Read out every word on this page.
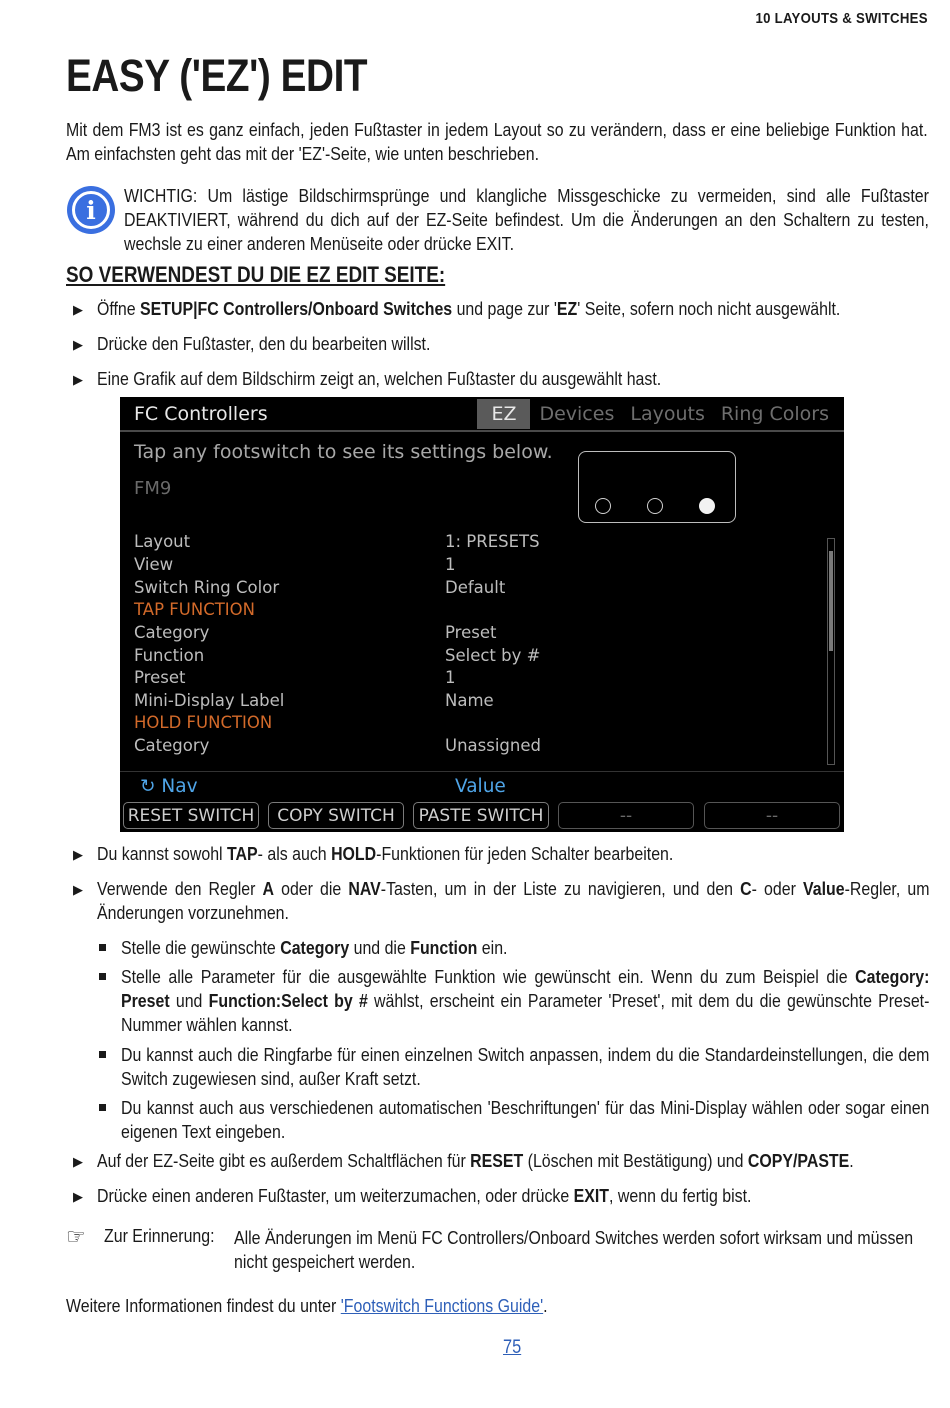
10 LAYOUTS & SWITCHES
EASY ('EZ') EDIT

Mit dem FM3 ist es ganz einfach, jeden Fußtaster in jedem Layout so zu verändern, dass er eine beliebige Funktion hat. Am einfachsten geht das mit der 'EZ'-Seite, wie unten beschrieben.

i	WICHTIG: Um lästige Bildschirmsprünge und klangliche Missgeschicke zu vermeiden, sind alle Fußtaster DEAKTIVIERT, während du dich auf der EZ-Seite befindest. Um die Änderungen an den Schaltern zu testen, wechsle zu einer anderen Menüseite oder drücke EXIT.

SO VERWENDEST DU DIE EZ EDIT SEITE:
▶ Öffne SETUP|FC Controllers/Onboard Switches und page zur 'EZ' Seite, sofern noch nicht ausgewählt.
▶ Drücke den Fußtaster, den du bearbeiten willst.
▶ Eine Grafik auf dem Bildschirm zeigt an, welchen Fußtaster du ausgewählt hast.
FC Controllers	EZ	Devices Layouts Ring Colors
Tap any footswitch to see its settings below.
FM9
Layout	1: PRESETS
View	1
Switch Ring Color	Default
TAP FUNCTION
Category	Preset
Function	Select by #
Preset	1
Mini-Display Label	Name
HOLD FUNCTION
Category	Unassigned
↻ Nav	Value
RESET SWITCH	COPY SWITCH	PASTE SWITCH	--	--
▶ Du kannst sowohl TAP- als auch HOLD-Funktionen für jeden Schalter bearbeiten.
▶ Verwende den Regler A oder die NAV-Tasten, um in der Liste zu navigieren, und den C- oder Value-Regler, um Änderungen vorzunehmen.
Stelle die gewünschte Category und die Function ein.
Stelle alle Parameter für die ausgewählte Funktion wie gewünscht ein. Wenn du zum Beispiel die Category: Preset und Function:Select by # wählst, erscheint ein Parameter 'Preset', mit dem du die gewünschte Preset-Nummer wählen kannst.
Du kannst auch die Ringfarbe für einen einzelnen Switch anpassen, indem du die Standardeinstellungen, die dem Switch zugewiesen sind, außer Kraft setzt.
Du kannst auch aus verschiedenen automatischen 'Beschriftungen' für das Mini-Display wählen oder sogar einen eigenen Text eingeben.
▶ Auf der EZ-Seite gibt es außerdem Schaltflächen für RESET (Löschen mit Bestätigung) und COPY/PASTE.
▶ Drücke einen anderen Fußtaster, um weiterzumachen, oder drücke EXIT, wenn du fertig bist.
☞ Zur Erinnerung: Alle Änderungen im Menü FC Controllers/Onboard Switches werden sofort wirksam und müssen nicht gespeichert werden.
Weitere Informationen findest du unter 'Footswitch Functions Guide'.
75
